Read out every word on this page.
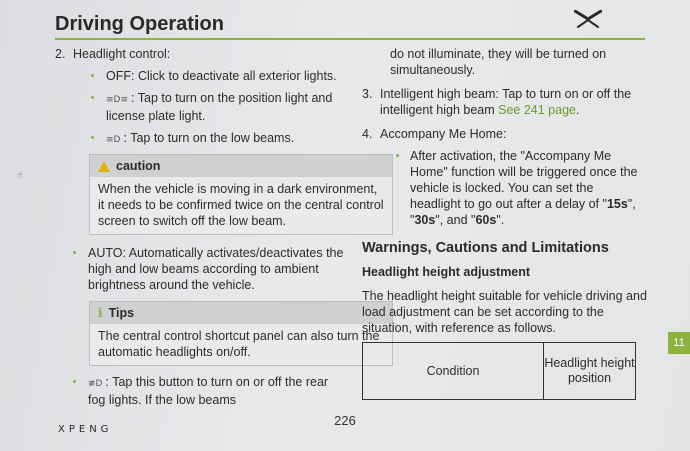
Driving Operation
☝
2. Headlight control:
OFF: Click to deactivate all exterior lights.
≡D≡ : Tap to turn on the position light and license plate light.
≡D : Tap to turn on the low beams.
caution
When the vehicle is moving in a dark environment, it needs to be confirmed twice on the central control screen to switch off the low beam.
AUTO: Automatically activates/deactivates the high and low beams according to ambient brightness around the vehicle.
i Tips
The central control shortcut panel can also turn the automatic headlights on/off.
≢D : Tap this button to turn on or off the rear fog lights. If the low beams
do not illuminate, they will be turned on simultaneously.
3. Intelligent high beam: Tap to turn on or off the intelligent high beam See 241 page.
4. Accompany Me Home:
After activation, the "Accompany Me Home" function will be triggered once the vehicle is locked. You can set the headlight to go out after a delay of "15s", "30s", and "60s".
Warnings, Cautions and Limitations
Headlight height adjustment
The headlight height suitable for vehicle driving and load adjustment can be set according to the situation, with reference as follows.
Condition	Headlight height position
11
226
XPENG
